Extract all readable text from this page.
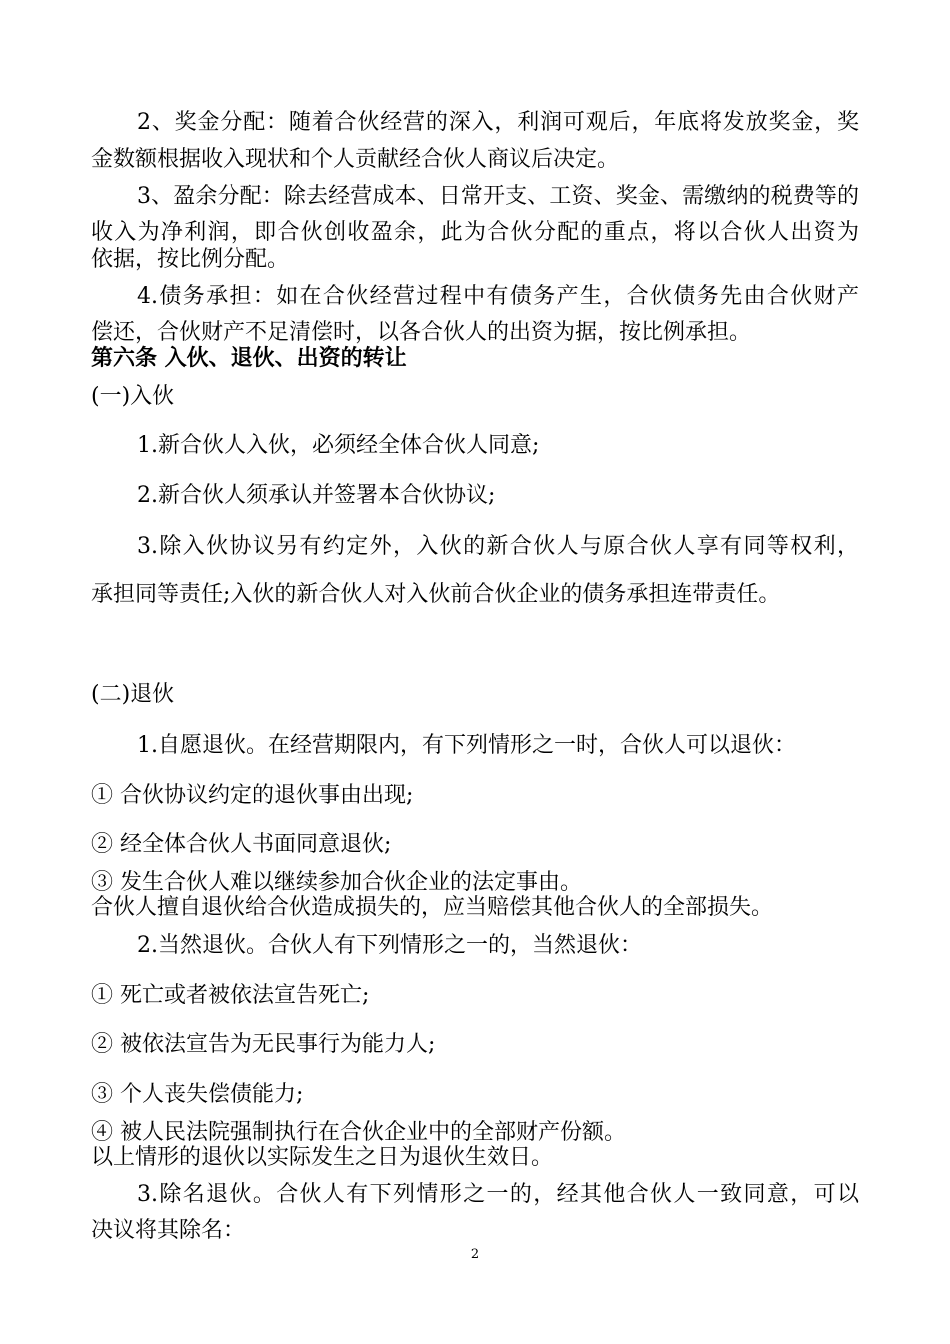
2、奖金分配：随着合伙经营的深入，利润可观后，年底将发放奖金，奖
金数额根据收入现状和个人贡献经合伙人商议后决定。
3、盈余分配：除去经营成本、日常开支、工资、奖金、需缴纳的税费等的
收入为净利润，即合伙创收盈余，此为合伙分配的重点，将以合伙人出资为
依据，按比例分配。
4.债务承担：如在合伙经营过程中有债务产生，合伙债务先由合伙财产
偿还，合伙财产不足清偿时，以各合伙人的出资为据，按比例承担。
第六条 入伙、退伙、出资的转让
(一)入伙
1.新合伙人入伙，必须经全体合伙人同意;
2.新合伙人须承认并签署本合伙协议;
3.除入伙协议另有约定外，入伙的新合伙人与原合伙人享有同等权利，
承担同等责任;入伙的新合伙人对入伙前合伙企业的债务承担连带责任。
(二)退伙
1.自愿退伙。在经营期限内，有下列情形之一时，合伙人可以退伙：
① 合伙协议约定的退伙事由出现;
② 经全体合伙人书面同意退伙;
③ 发生合伙人难以继续参加合伙企业的法定事由。
合伙人擅自退伙给合伙造成损失的，应当赔偿其他合伙人的全部损失。
2.当然退伙。合伙人有下列情形之一的，当然退伙：
① 死亡或者被依法宣告死亡;
② 被依法宣告为无民事行为能力人;
③ 个人丧失偿债能力;
④ 被人民法院强制执行在合伙企业中的全部财产份额。
以上情形的退伙以实际发生之日为退伙生效日。
3.除名退伙。合伙人有下列情形之一的，经其他合伙人一致同意，可以
决议将其除名：
2
